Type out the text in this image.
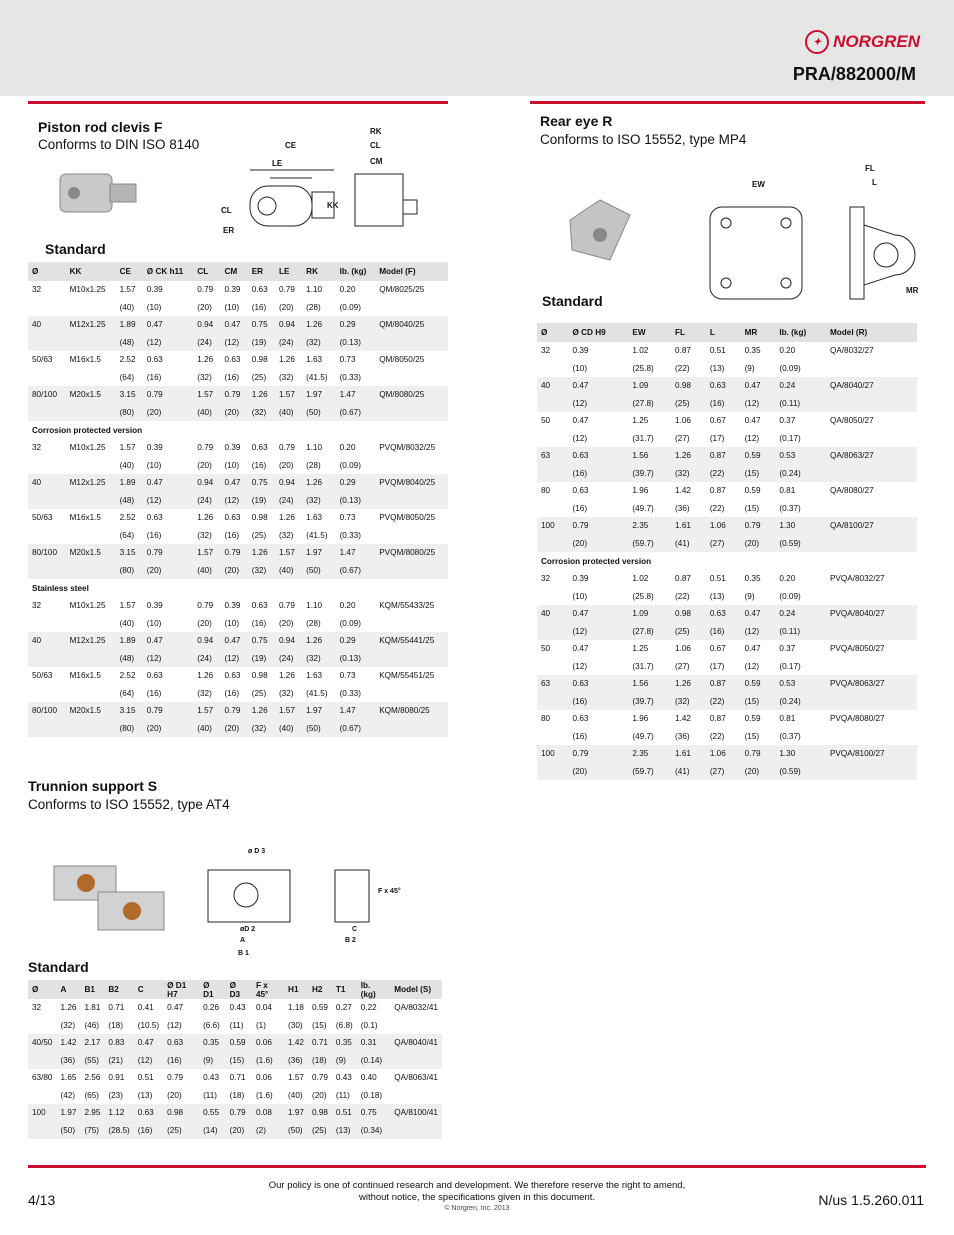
✦ NORGREN
PRA/882000/M
Piston rod clevis F
Conforms to DIN ISO 8140	CE
LE
RK
CL
CM
CL
ER
KK
Standard
Ø	KK	CE	Ø CK h11	CL	CM	ER	LE	RK	lb. (kg)	Model (F)
32	M10x1.25	1.57	0.39	0.79	0.39	0.63	0.79	1.10	0.20	QM/8025/25
		(40)	(10)	(20)	(10)	(16)	(20)	(28)	(0.09)	
40	M12x1.25	1.89	0.47	0.94	0.47	0.75	0.94	1.26	0.29	QM/8040/25
		(48)	(12)	(24)	(12)	(19)	(24)	(32)	(0.13)	
50/63	M16x1.5	2.52	0.63	1.26	0.63	0.98	1.26	1.63	0.73	QM/8050/25
		(64)	(16)	(32)	(16)	(25)	(32)	(41.5)	(0.33)	
80/100	M20x1.5	3.15	0.79	1.57	0.79	1.26	1.57	1.97	1.47	QM/8080/25
		(80)	(20)	(40)	(20)	(32)	(40)	(50)	(0.67)	
Corrosion protected version										
32	M10x1.25	1.57	0.39	0.79	0.39	0.63	0.79	1.10	0.20	PVQM/8032/25
		(40)	(10)	(20)	(10)	(16)	(20)	(28)	(0.09)	
40	M12x1.25	1.89	0.47	0.94	0.47	0.75	0.94	1.26	0.29	PVQM/8040/25
		(48)	(12)	(24)	(12)	(19)	(24)	(32)	(0.13)	
50/63	M16x1.5	2.52	0.63	1.26	0.63	0.98	1.26	1.63	0.73	PVQM/8050/25
		(64)	(16)	(32)	(16)	(25)	(32)	(41.5)	(0.33)	
80/100	M20x1.5	3.15	0.79	1.57	0.79	1.26	1.57	1.97	1.47	PVQM/8080/25
		(80)	(20)	(40)	(20)	(32)	(40)	(50)	(0.67)	
Stainless steel										
32	M10x1.25	1.57	0.39	0.79	0.39	0.63	0.79	1.10	0.20	KQM/55433/25
		(40)	(10)	(20)	(10)	(16)	(20)	(28)	(0.09)	
40	M12x1.25	1.89	0.47	0.94	0.47	0.75	0.94	1.26	0.29	KQM/55441/25
		(48)	(12)	(24)	(12)	(19)	(24)	(32)	(0.13)	
50/63	M16x1.5	2.52	0.63	1.26	0.63	0.98	1.26	1.63	0.73	KQM/55451/25
		(64)	(16)	(32)	(16)	(25)	(32)	(41.5)	(0.33)	
80/100	M20x1.5	3.15	0.79	1.57	0.79	1.26	1.57	1.97	1.47	KQM/8080/25
		(80)	(20)	(40)	(20)	(32)	(40)	(50)	(0.67)	
Rear eye R
Conforms to ISO 15552, type MP4
EW
FL
L
MR
Standard
Ø	Ø CD H9	EW	FL	L	MR	lb. (kg)	Model (R)
32	0.39	1.02	0.87	0.51	0.35	0.20	QA/8032/27
	(10)	(25.8)	(22)	(13)	(9)	(0.09)	
40	0.47	1.09	0.98	0.63	0.47	0.24	QA/8040/27
	(12)	(27.8)	(25)	(16)	(12)	(0.11)	
50	0.47	1.25	1.06	0.67	0.47	0.37	QA/8050/27
	(12)	(31.7)	(27)	(17)	(12)	(0.17)	
63	0.63	1.56	1.26	0.87	0.59	0.53	QA/8063/27
	(16)	(39.7)	(32)	(22)	(15)	(0.24)	
80	0.63	1.96	1.42	0.87	0.59	0.81	QA/8080/27
	(16)	(49.7)	(36)	(22)	(15)	(0.37)	
100	0.79	2.35	1.61	1.06	0.79	1.30	QA/8100/27
	(20)	(59.7)	(41)	(27)	(20)	(0.59)	
Corrosion protected version							
32	0.39	1.02	0.87	0.51	0.35	0.20	PVQA/8032/27
	(10)	(25.8)	(22)	(13)	(9)	(0.09)	
40	0.47	1.09	0.98	0.63	0.47	0.24	PVQA/8040/27
	(12)	(27.8)	(25)	(16)	(12)	(0.11)	
50	0.47	1.25	1.06	0.67	0.47	0.37	PVQA/8050/27
	(12)	(31.7)	(27)	(17)	(12)	(0.17)	
63	0.63	1.56	1.26	0.87	0.59	0.53	PVQA/8063/27
	(16)	(39.7)	(32)	(22)	(15)	(0.24)	
80	0.63	1.96	1.42	0.87	0.59	0.81	PVQA/8080/27
	(16)	(49.7)	(36)	(22)	(15)	(0.37)	
100	0.79	2.35	1.61	1.06	0.79	1.30	PVQA/8100/27
	(20)	(59.7)	(41)	(27)	(20)	(0.59)	
Trunnion support S
Conforms to ISO 15552, type AT4
ø D 3
øD 2
A
B 1
C
B 2
F x 45°
Standard
Ø	A	B1	B2	C	Ø D1 H7	Ø D1	Ø D3	F x 45°	H1	H2	T1	lb. (kg)	Model (S)
32	1.26	1.81	0.71	0.41	0.47	0.26	0.43	0.04	1.18	0.59	0.27	0.22	QA/8032/41
	(32)	(46)	(18)	(10.5)	(12)	(6.6)	(11)	(1)	(30)	(15)	(6.8)	(0.1)	
40/50	1.42	2.17	0.83	0.47	0.63	0.35	0.59	0.06	1.42	0.71	0.35	0.31	QA/8040/41
	(36)	(55)	(21)	(12)	(16)	(9)	(15)	(1.6)	(36)	(18)	(9)	(0.14)	
63/80	1.65	2.56	0.91	0.51	0.79	0.43	0.71	0.06	1.57	0.79	0.43	0.40	QA/8063/41
	(42)	(65)	(23)	(13)	(20)	(11)	(18)	(1.6)	(40)	(20)	(11)	(0.18)	
100	1.97	2.95	1.12	0.63	0.98	0.55	0.79	0.08	1.97	0.98	0.51	0.75	QA/8100/41
	(50)	(75)	(28.5)	(16)	(25)	(14)	(20)	(2)	(50)	(25)	(13)	(0.34)	
Our policy is one of continued research and development. We therefore reserve the right to amend,
without notice, the specifications given in this document.
© Norgren, Inc. 2013
4/13	N/us 1.5.260.011
